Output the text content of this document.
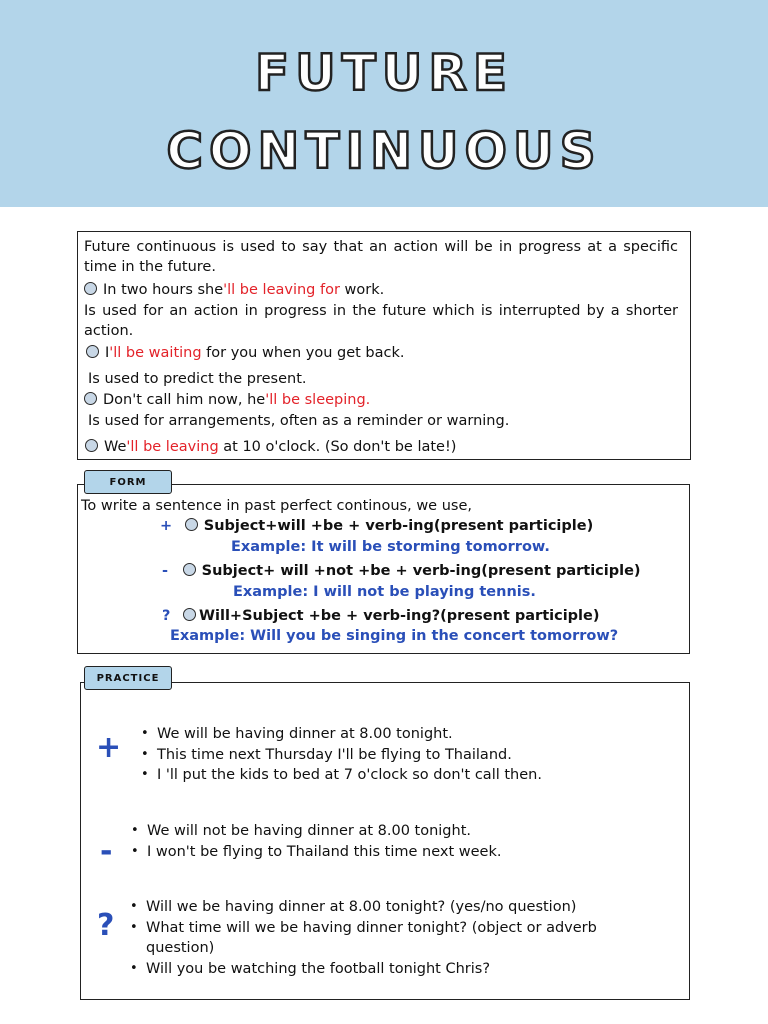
FUTURE
CONTINUOUS
Future continuous is used to say that an action will be in progress at a specific time in the future.
In two hours she'll be leaving for work.
Is used for an action in progress in the future which is interrupted by a shorter action.
I'll be waiting for you when you get back.
Is used to predict the present.
Don't call him now, he'll be sleeping.
Is used for arrangements, often as a reminder or warning.
We'll be leaving at 10 o'clock. (So don't be late!)
FORM
To write a sentence in past perfect continous, we use,
+ Subject+will +be + verb-ing(present participle)
Example: It will be storming tomorrow.
- Subject+ will +not +be + verb-ing(present participle)
Example: I will not be playing tennis.
? Will+Subject +be + verb-ing?(present participle)
Example: Will you be singing in the concert tomorrow?
PRACTICE
+
•	We will be having dinner at 8.00 tonight.
• This time next Thursday I'll be flying to Thailand.
• I 'll put the kids to bed at 7 o'clock so don't call then.
-
• We will not be having dinner at 8.00 tonight.
• I won't be flying to Thailand this time next week.
?
• Will we be having dinner at 8.00 tonight? (yes/no question)
• What time will we be having dinner tonight? (object or adverb question)
• Will you be watching the football tonight Chris?
